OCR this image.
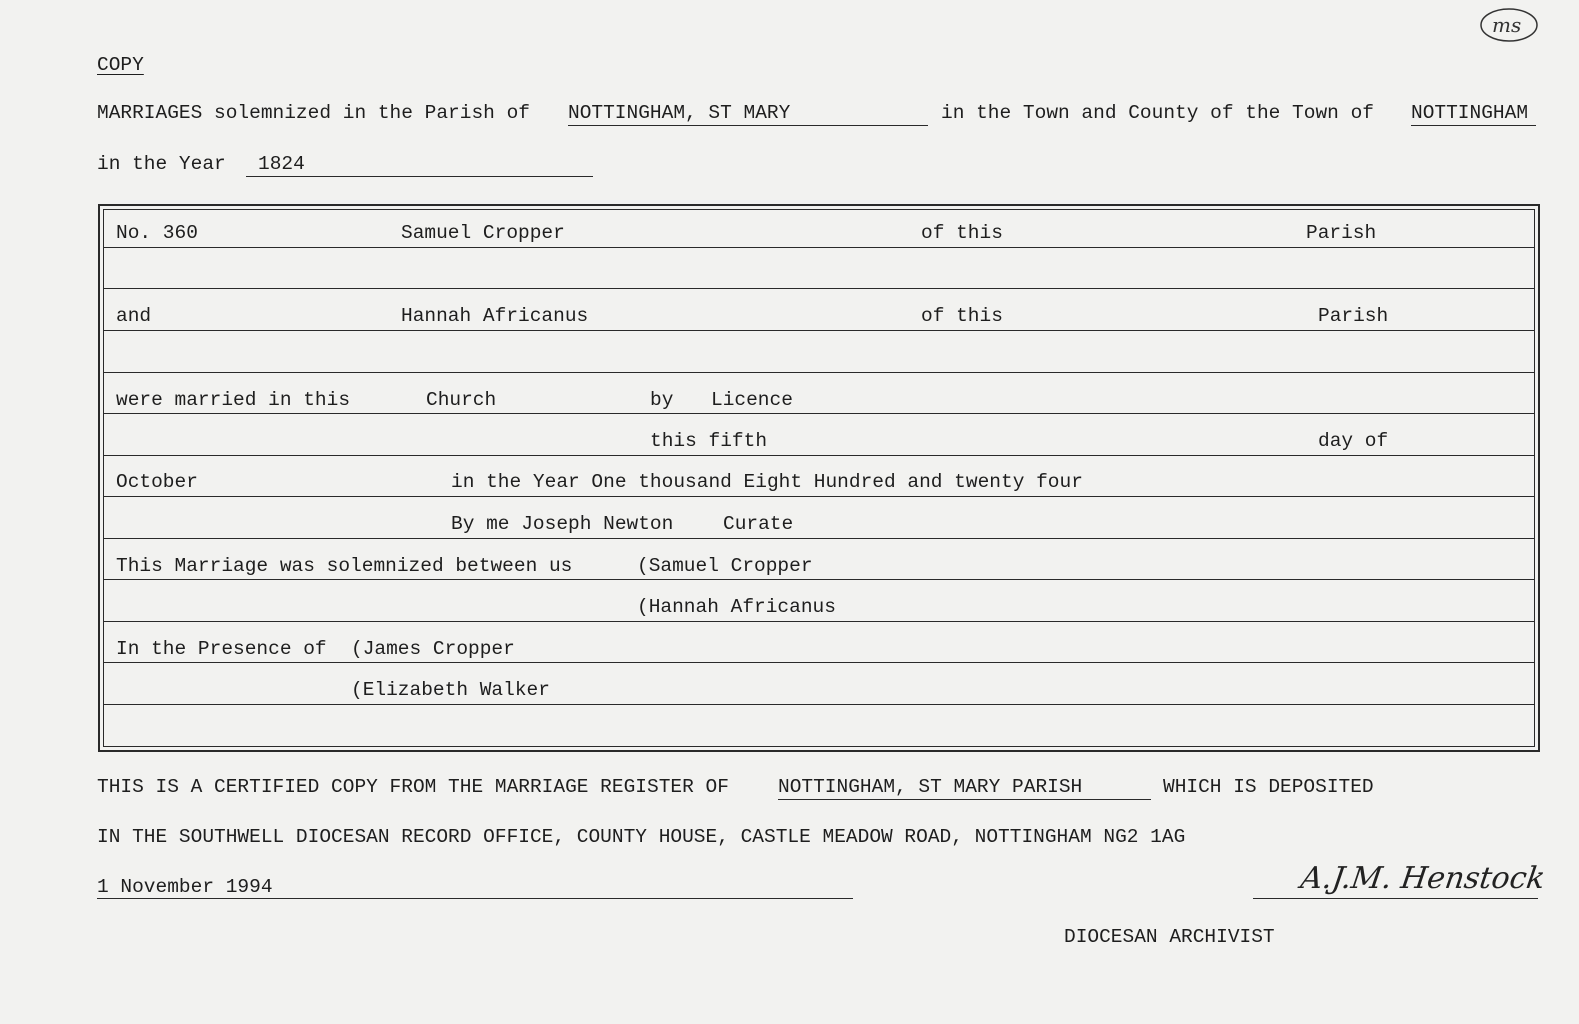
ms
COPY
MARRIAGES solemnized in the Parish of NOTTINGHAM, ST MARY	in the Town and County of the Town of NOTTINGHAM
in the Year 1824
No. 360	Samuel Cropper	of this	Parish
and	Hannah Africanus	of this	Parish
were married in this	Church	by Licence
this fifth	day of
October	in the Year One thousand Eight Hundred and twenty four
By me Joseph Newton	Curate
This Marriage was solemnized between us	(Samuel Cropper
(Hannah Africanus
In the Presence of (James Cropper
(Elizabeth Walker
THIS IS A CERTIFIED COPY FROM THE MARRIAGE REGISTER OF	NOTTINGHAM, ST MARY PARISH	WHICH IS DEPOSITED
IN THE SOUTHWELL DIOCESAN RECORD OFFICE, COUNTY HOUSE, CASTLE MEADOW ROAD, NOTTINGHAM NG2 1AG
1 November 1994	A.J.M. Henstock
DIOCESAN ARCHIVIST
